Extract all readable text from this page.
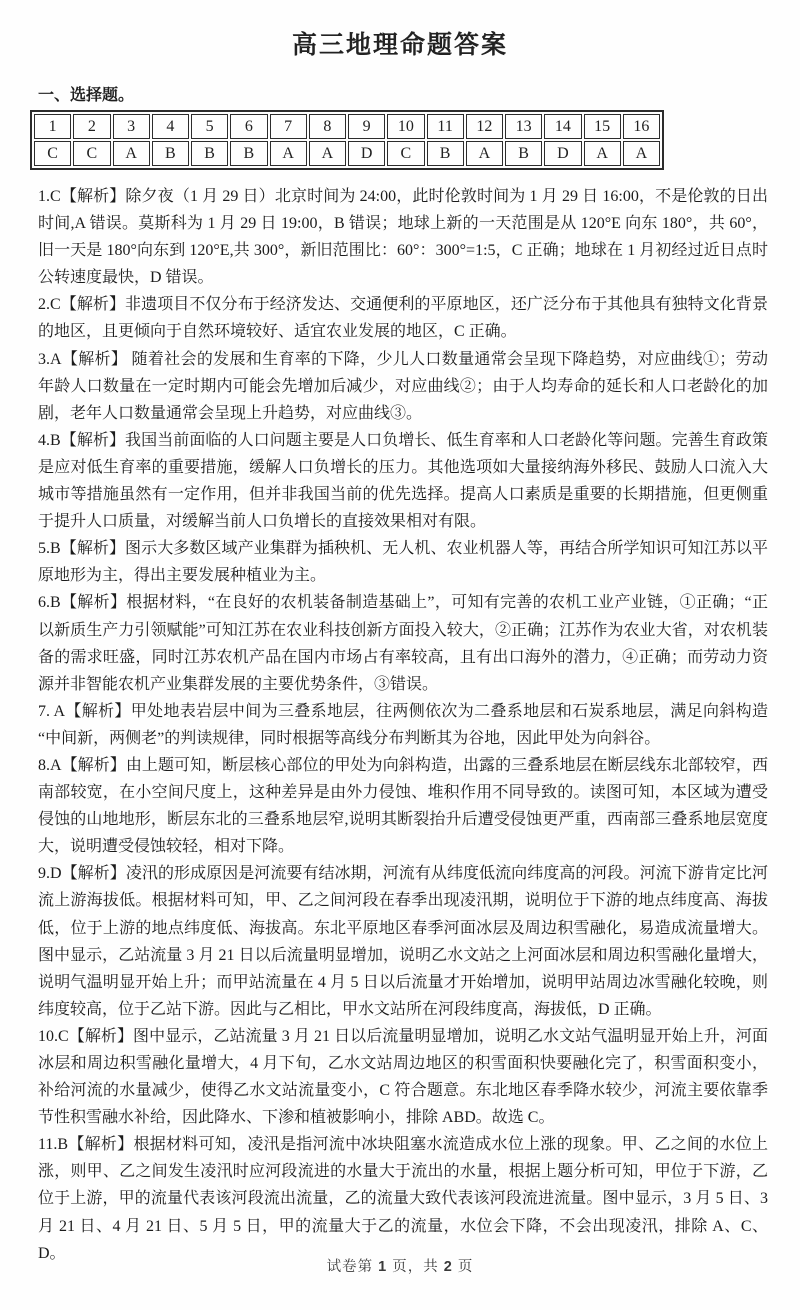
高三地理命题答案
一、选择题。
1	2	3	4	5	6	7	8	9	10	11	12	13	14	15	16
C	C	A	B	B	B	A	A	D	C	B	A	B	D	A	A

1.C【解析】除夕夜（1 月 29 日）北京时间为 24:00，此时伦敦时间为 1 月 29 日 16:00，不是伦敦的日出时间,A 错误。莫斯科为 1 月 29 日 19:00，B 错误；地球上新的一天范围是从 120°E 向东 180°，共 60°，旧一天是 180°向东到 120°E,共 300°，新旧范围比：60°：300°=1:5，C 正确；地球在 1 月初经过近日点时公转速度最快，D 错误。

2.C【解析】非遗项目不仅分布于经济发达、交通便利的平原地区，还广泛分布于其他具有独特文化背景的地区，且更倾向于自然环境较好、适宜农业发展的地区，C 正确。

3.A【解析】 随着社会的发展和生育率的下降，少儿人口数量通常会呈现下降趋势，对应曲线①；劳动年龄人口数量在一定时期内可能会先增加后减少，对应曲线②；由于人均寿命的延长和人口老龄化的加剧，老年人口数量通常会呈现上升趋势，对应曲线③。

4.B【解析】我国当前面临的人口问题主要是人口负增长、低生育率和人口老龄化等问题。完善生育政策是应对低生育率的重要措施，缓解人口负增长的压力。其他选项如大量接纳海外移民、鼓励人口流入大城市等措施虽然有一定作用，但并非我国当前的优先选择。提高人口素质是重要的长期措施，但更侧重于提升人口质量，对缓解当前人口负增长的直接效果相对有限。

5.B【解析】图示大多数区域产业集群为插秧机、无人机、农业机器人等，再结合所学知识可知江苏以平原地形为主，得出主要发展种植业为主。

6.B【解析】根据材料，“在良好的农机装备制造基础上”，可知有完善的农机工业产业链，①正确；“正以新质生产力引领赋能”可知江苏在农业科技创新方面投入较大，②正确；江苏作为农业大省，对农机装备的需求旺盛，同时江苏农机产品在国内市场占有率较高，且有出口海外的潜力，④正确；而劳动力资源并非智能农机产业集群发展的主要优势条件，③错误。

7. A【解析】甲处地表岩层中间为三叠系地层，往两侧依次为二叠系地层和石炭系地层，满足向斜构造“中间新，两侧老”的判读规律，同时根据等高线分布判断其为谷地，因此甲处为向斜谷。

8.A【解析】由上题可知，断层核心部位的甲处为向斜构造，出露的三叠系地层在断层线东北部较窄，西南部较宽，在小空间尺度上，这种差异是由外力侵蚀、堆积作用不同导致的。读图可知，本区域为遭受侵蚀的山地地形，断层东北的三叠系地层窄,说明其断裂抬升后遭受侵蚀更严重，西南部三叠系地层宽度大，说明遭受侵蚀较轻，相对下降。

9.D【解析】凌汛的形成原因是河流要有结冰期，河流有从纬度低流向纬度高的河段。河流下游肯定比河流上游海拔低。根据材料可知，甲、乙之间河段在春季出现凌汛期，说明位于下游的地点纬度高、海拔低，位于上游的地点纬度低、海拔高。东北平原地区春季河面冰层及周边积雪融化，易造成流量增大。图中显示，乙站流量 3 月 21 日以后流量明显增加，说明乙水文站之上河面冰层和周边积雪融化量增大，说明气温明显开始上升；而甲站流量在 4 月 5 日以后流量才开始增加，说明甲站周边冰雪融化较晚，则纬度较高，位于乙站下游。因此与乙相比，甲水文站所在河段纬度高，海拔低，D 正确。

10.C【解析】图中显示，乙站流量 3 月 21 日以后流量明显增加，说明乙水文站气温明显开始上升，河面冰层和周边积雪融化量增大，4 月下旬，乙水文站周边地区的积雪面积快要融化完了，积雪面积变小，补给河流的水量减少，使得乙水文站流量变小，C 符合题意。东北地区春季降水较少，河流主要依靠季节性积雪融水补给，因此降水、下渗和植被影响小，排除 ABD。故选 C。

11.B【解析】根据材料可知，凌汛是指河流中冰块阻塞水流造成水位上涨的现象。甲、乙之间的水位上涨，则甲、乙之间发生凌汛时应河段流进的水量大于流出的水量，根据上题分析可知，甲位于下游，乙位于上游，甲的流量代表该河段流出流量，乙的流量大致代表该河段流进流量。图中显示，3 月 5 日、3 月 21 日、4 月 21 日、5 月 5 日，甲的流量大于乙的流量，水位会下降，不会出现凌汛，排除 A、C、D。

试卷第 1 页，共 2 页
